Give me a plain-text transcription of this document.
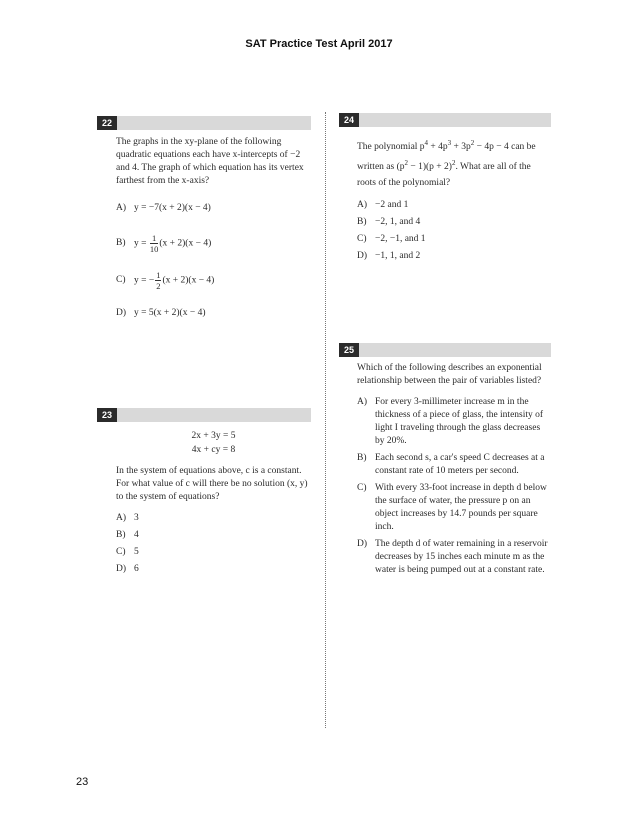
SAT Practice Test April 2017
22

The graphs in the xy-plane of the following quadratic equations each have x-intercepts of −2 and 4. The graph of which equation has its vertex farthest from the x-axis?

A) y = −7(x + 2)(x − 4)
B) $y = \frac{1}{10} (x + 2)(x - 4)$
C) y = − $\frac{1}{2} (x + 2)(x - 4)$
D) y = 5(x + 2)(x − 4)
23
2x + 3y = 5
4x + cy = 8

In the system of equations above, c is a constant. For what value of c will there be no solution (x, y) to the system of equations?

A) 3
B) 4
C) 5
D) 6
24

The polynomial $p^4 + 4p^3 + 3p^2 - 4p - 4$ can be written as $(p^2 - 1)(p + 2)^2$. What are all of the roots of the polynomial?

A) −2 and 1
B) −2, 1, and 4
C) −2, −1, and 1
D) −1, 1, and 2
25

Which of the following describes an exponential relationship between the pair of variables listed?

A) For every 3-millimeter increase m in the thickness of a piece of glass, the intensity of light I traveling through the glass decreases by 20%.
B) Each second s, a car's speed C decreases at a constant rate of 10 meters per second.
C) With every 33-foot increase in depth d below the surface of water, the pressure p on an object increases by 14.7 pounds per square inch.
D) The depth d of water remaining in a reservoir decreases by 15 inches each minute m as the water is being pumped out at a constant rate.
23
